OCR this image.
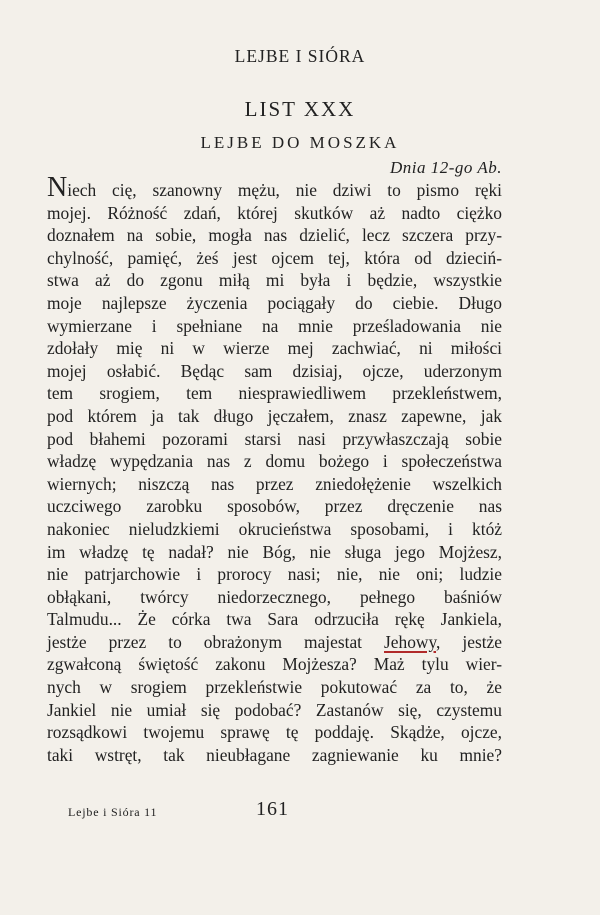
LEJBE I SIÓRA
LIST XXX
LEJBE DO MOSZKA
Dnia 12-go Ab.
Niech cię, szanowny mężu, nie dziwi to pismo ręki
mojej. Różność zdań, której skutków aż nadto ciężko
doznałem na sobie, mogła nas dzielić, lecz szczera przy-
chylność, pamięć, żeś jest ojcem tej, która od dzieciń-
stwa aż do zgonu miłą mi była i będzie, wszystkie
moje najlepsze życzenia pociągały do ciebie. Długo
wymierzane i spełniane na mnie prześladowania nie
zdołały mię ni w wierze mej zachwiać, ni miłości
mojej osłabić. Będąc sam dzisiaj, ojcze, uderzonym
tem srogiem, tem niesprawiedliwem przekleństwem,
pod którem ja tak długo jęczałem, znasz zapewne, jak
pod błahemi pozorami starsi nasi przywłaszczają sobie
władzę wypędzania nas z domu bożego i społeczeństwa
wiernych; niszczą nas przez zniedołężenie wszelkich
uczciwego zarobku sposobów, przez dręczenie nas
nakoniec nieludzkiemi okrucieństwa sposobami, i któż
im władzę tę nadał? nie Bóg, nie sługa jego Mojżesz,
nie patrjarchowie i prorocy nasi; nie, nie oni; ludzie
obłąkani, twórcy niedorzecznego, pełnego baśniów
Talmudu... Że córka twa Sara odrzuciła rękę Jankiela,
jestże przez to obrażonym majestat Jehowy, jestże
zgwałconą świętość zakonu Mojżesza? Maż tylu wier-
nych w srogiem przekleństwie pokutować za to, że
Jankiel nie umiał się podobać? Zastanów się, czystemu
rozsądkowi twojemu sprawę tę poddaję. Skądże, ojcze,
taki wstręt, tak nieubłagane zagniewanie ku mnie?
Lejbe i Sióra 11	161
